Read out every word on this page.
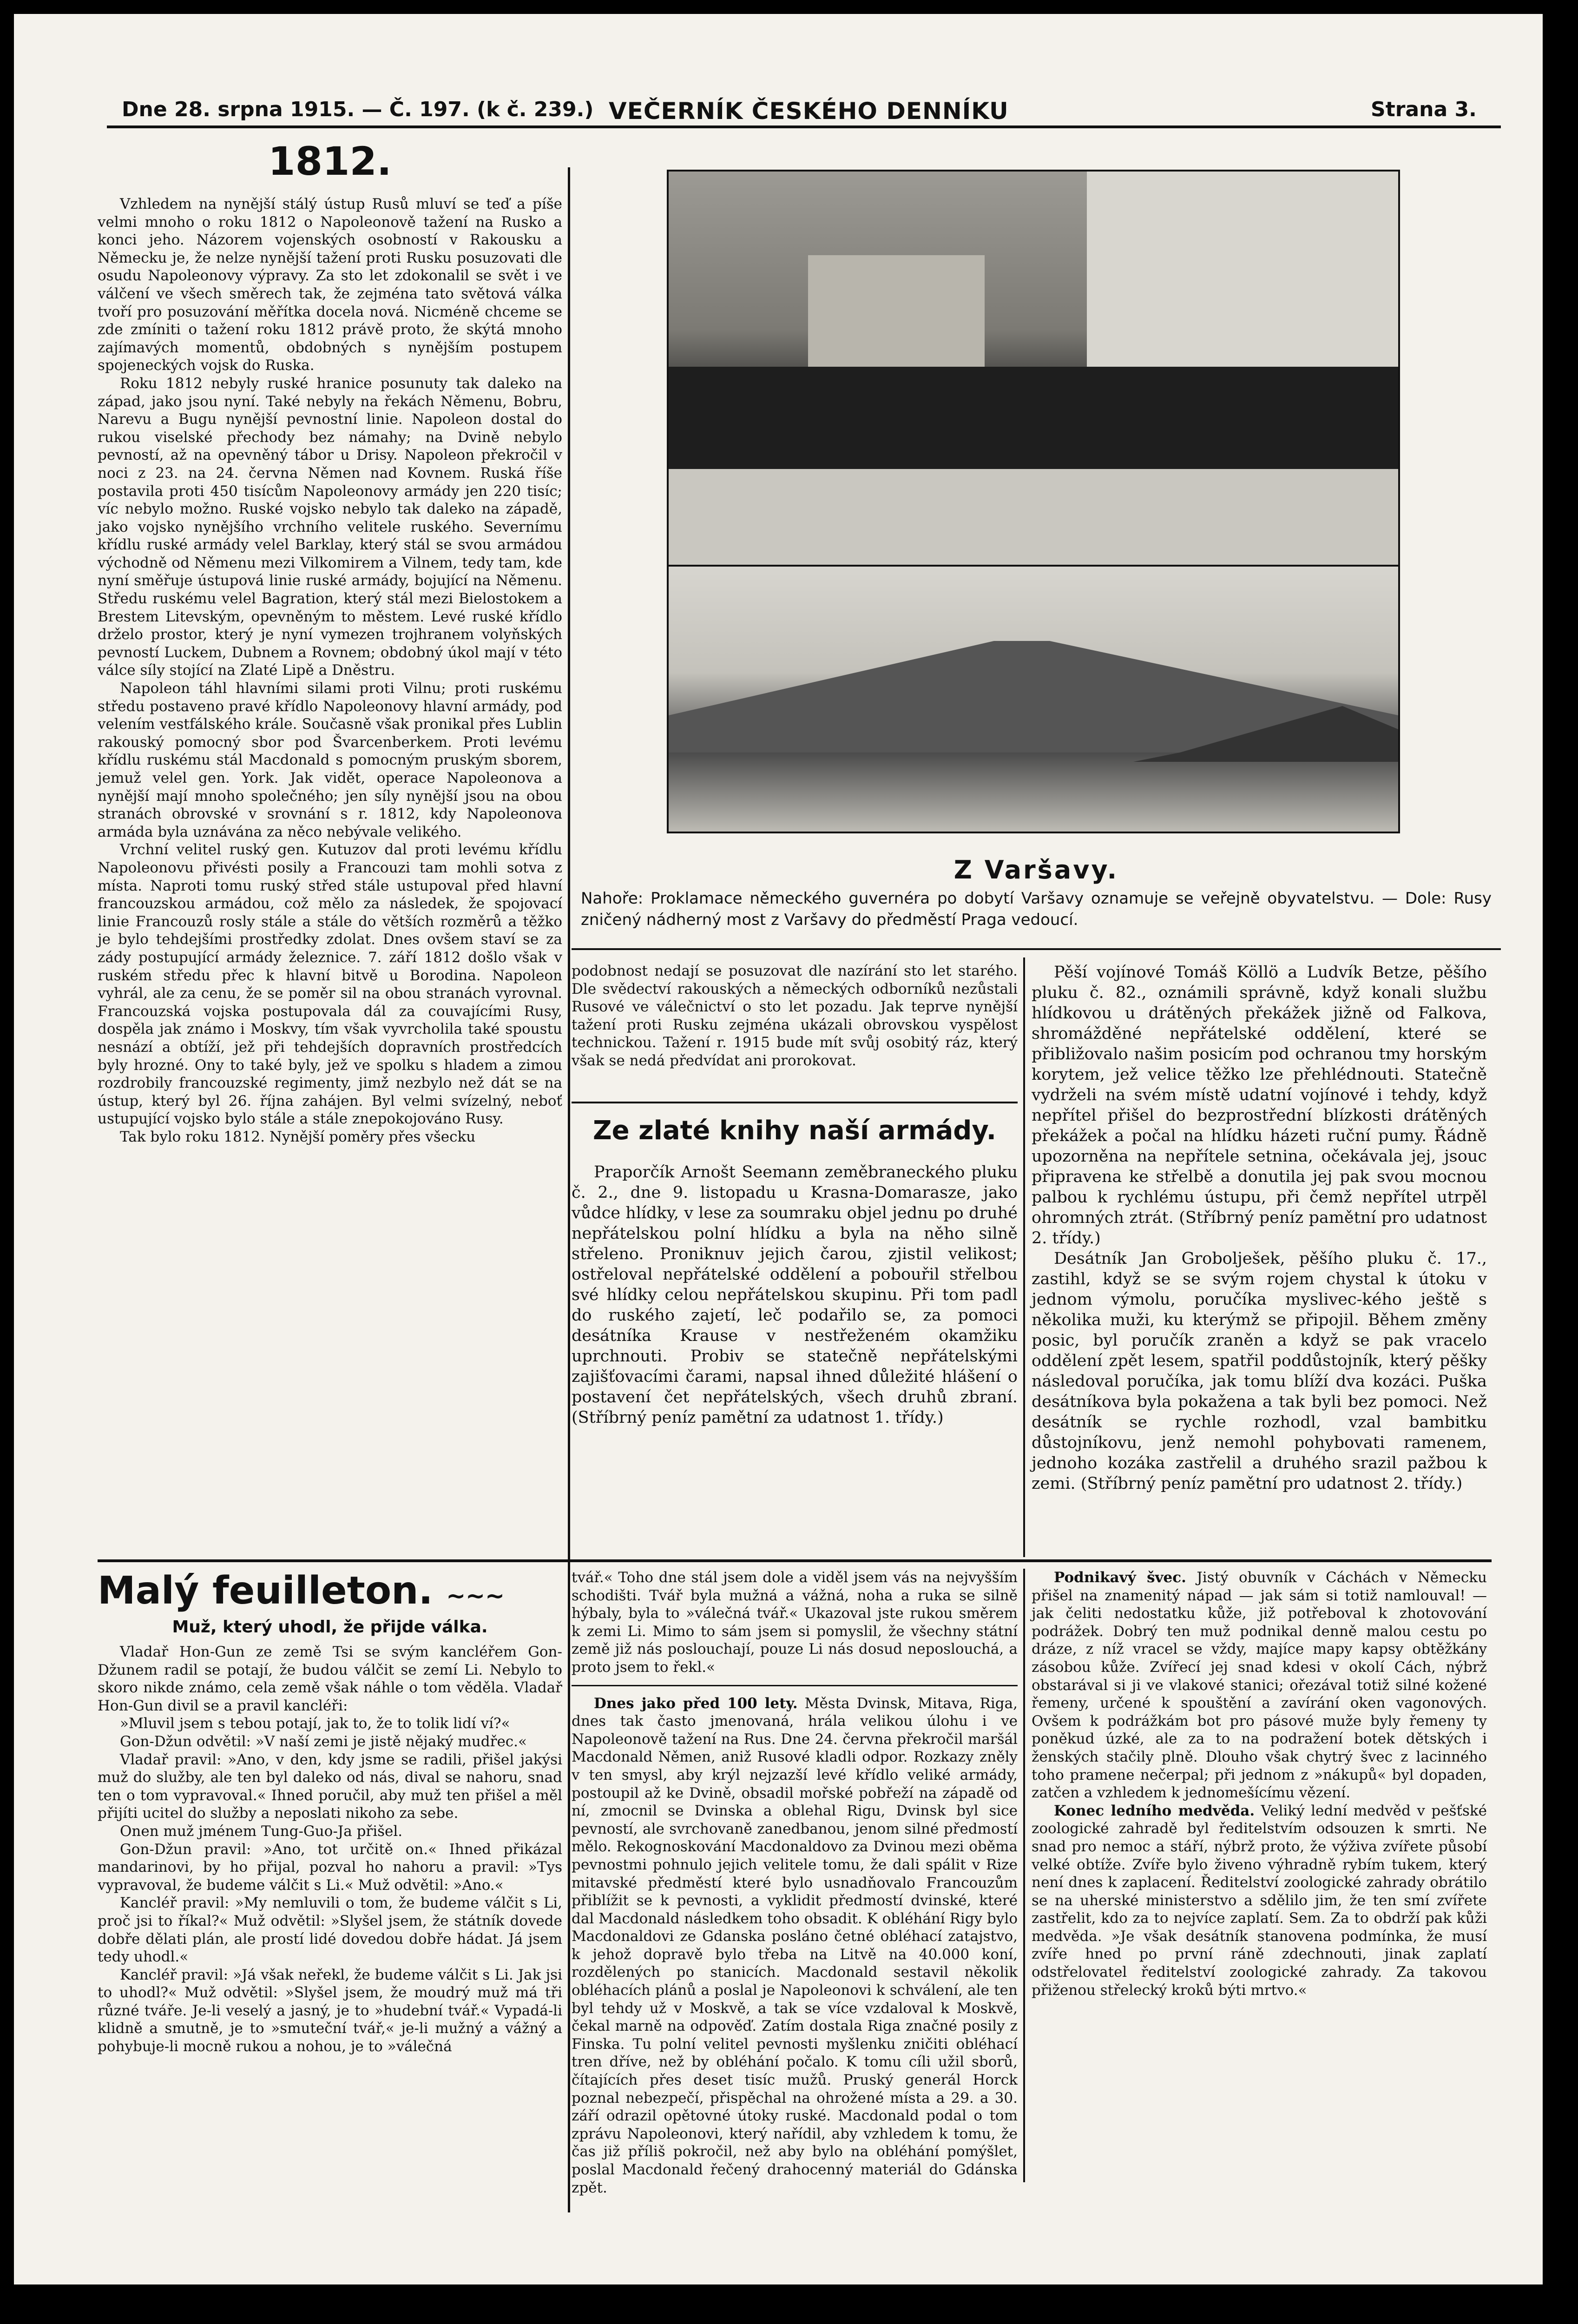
Dne 28. srpna 1915. — Č. 197. (k č. 239.) VEČERNÍK ČESKÉHO DENNÍKU	Strana 3.
1812.

Vzhledem na nynější stálý ústup Rusů mluví se teď a píše velmi mnoho o roku 1812 o Napoleonově tažení na Rusko a konci jeho. Názorem vojenských osobností v Rakousku a Německu je, že nelze nynější tažení proti Rusku posuzovati dle osudu Napoleonovy výpravy. Za sto let zdokonalil se svět i ve válčení ve všech směrech tak, že zejména tato světová válka tvoří pro posuzování měřítka docela nová. Nicméně chceme se zde zmíniti o tažení roku 1812 právě proto, že skýtá mnoho zajímavých momentů, obdobných s nynějším postupem spojeneckých vojsk do Ruska.

Roku 1812 nebyly ruské hranice posunuty tak daleko na západ, jako jsou nyní. Také nebyly na řekách Němenu, Bobru, Narevu a Bugu nynější pevnostní linie. Napoleon dostal do rukou viselské přechody bez námahy; na Dvině nebylo pevností, až na opevněný tábor u Drisy. Napoleon překročil v noci z 23. na 24. června Němen nad Kovnem. Ruská říše postavila proti 450 tisícům Napoleonovy armády jen 220 tisíc; víc nebylo možno. Ruské vojsko nebylo tak daleko na západě, jako vojsko nynějšího vrchního velitele ruského. Severnímu křídlu ruské armády velel Barklay, který stál se svou armádou východně od Němenu mezi Vilkomirem a Vilnem, tedy tam, kde nyní směřuje ústupová linie ruské armády, bojující na Němenu. Středu ruskému velel Bagration, který stál mezi Bielostokem a Brestem Litevským, opevněným to městem. Levé ruské křídlo drželo prostor, který je nyní vymezen trojhranem volyňských pevností Luckem, Dubnem a Rovnem; obdobný úkol mají v této válce síly stojící na Zlaté Lipě a Dněstru.

Napoleon táhl hlavními silami proti Vilnu; proti ruskému středu postaveno pravé křídlo Napoleonovy hlavní armády, pod velením vestfálského krále. Současně však pronikal přes Lublin rakouský pomocný sbor pod Švarcenberkem. Proti levému křídlu ruskému stál Macdonald s pomocným pruským sborem, jemuž velel gen. York. Jak vidět, operace Napoleonova a nynější mají mnoho společného; jen síly nynější jsou na obou stranách obrovské v srovnání s r. 1812, kdy Napoleonova armáda byla uznávána za něco nebývale velikého.

Vrchní velitel ruský gen. Kutuzov dal proti levému křídlu Napoleonovu přivésti posily a Francouzi tam mohli sotva z místa. Naproti tomu ruský střed stále ustupoval před hlavní francouzskou armádou, což mělo za následek, že spojovací linie Francouzů rosly stále a stále do větších rozměrů a těžko je bylo tehdejšími prostředky zdolat. Dnes ovšem staví se za zády postupující armády železnice. 7. září 1812 došlo však v ruském středu přec k hlavní bitvě u Borodina. Napoleon vyhrál, ale za cenu, že se poměr sil na obou stranách vyrovnal. Francouzská vojska postupovala dál za couvajícími Rusy, dospěla jak známo i Moskvy, tím však vyvrcholila také spoustu nesnází a obtíží, jež při tehdejších dopravních prostředcích byly hrozné. Ony to také byly, jež ve spolku s hladem a zimou rozdrobily francouzské regimenty, jimž nezbylo než dát se na ústup, který byl 26. října zahájen. Byl velmi svízelný, neboť ustupující vojsko bylo stále a stále znepokojováno Rusy.

Tak bylo roku 1812. Nynější poměry přes všecku

Z Varšavy.
Nahoře: Proklamace německého guvernéra po dobytí Varšavy oznamuje se veřejně obyvatelstvu. — Dole: Rusy zničený nádherný most z Varšavy do předměstí Praga vedoucí.

podobnost nedají se posuzovat dle nazírání sto let starého. Dle svědectví rakouských a německých odborníků nezůstali Rusové ve válečnictví o sto let pozadu. Jak teprve nynější tažení proti Rusku zejména ukázali obrovskou vyspělost technickou. Tažení r. 1915 bude mít svůj osobitý ráz, který však se nedá předvídat ani prorokovat.

Ze zlaté knihy naší armády.

Praporčík Arnošt Seemann zeměbraneckého pluku č. 2., dne 9. listopadu u Krasna-Domarasze, jako vůdce hlídky, v lese za soumraku objel jednu po druhé nepřátelskou polní hlídku a byla na něho silně střeleno. Proniknuv jejich čarou, zjistil velikost; ostřeloval nepřátelské oddělení a pobouřil střelbou své hlídky celou nepřátelskou skupinu. Při tom padl do ruského zajetí, leč podařilo se, za pomoci desátníka Krause v nestřeženém okamžiku uprchnouti. Probiv se statečně nepřátelskými zajišťovacími čarami, napsal ihned důležité hlášení o postavení čet nepřátelských, všech druhů zbraní. (Stříbrný peníz pamětní za udatnost 1. třídy.)

Pěší vojínové Tomáš Köllö a Ludvík Betze, pěšího pluku č. 82., oznámili správně, když konali službu hlídkovou u drátěných překážek jižně od Falkova, shromážděné nepřátelské oddělení, které se přibližovalo našim posicím pod ochranou tmy horským korytem, jež velice těžko lze přehlédnouti. Statečně vydrželi na svém místě udatní vojínové i tehdy, když nepřítel přišel do bezprostřední blízkosti drátěných překážek a počal na hlídku házeti ruční pumy. Řádně upozorněna na nepřítele setnina, očekávala jej, jsouc připravena ke střelbě a donutila jej pak svou mocnou palbou k rychlému ústupu, při čemž nepřítel utrpěl ohromných ztrát. (Stříbrný peníz pamětní pro udatnost 2. třídy.)

Desátník Jan Grobolješek, pěšího pluku č. 17., zastihl, když se se svým rojem chystal k útoku v jednom výmolu, poručíka myslivec-kého ještě s několika muži, ku kterýmž se připojil. Během změny posic, byl poručík zraněn a když se pak vracelo oddělení zpět lesem, spatřil poddůstojník, který pěšky následoval poručíka, jak tomu blíží dva kozáci. Puška desátníkova byla pokažena a tak byli bez pomoci. Než desátník se rychle rozhodl, vzal bambitku důstojníkovu, jenž nemohl pohybovati ramenem, jednoho kozáka zastřelil a druhého srazil pažbou k zemi. (Stříbrný peníz pamětní pro udatnost 2. třídy.)

Malý feuilleton. ~~~
Muž, který uhodl, že přijde válka.

Vladař Hon-Gun ze země Tsi se svým kancléřem Gon-Džunem radil se potají, že budou válčit se zemí Li. Nebylo to skoro nikde známo, cela země však náhle o tom věděla. Vladař Hon-Gun divil se a pravil kancléři:

»Mluvil jsem s tebou potají, jak to, že to tolik lidí ví?«

Gon-Džun odvětil: »V naší zemi je jistě nějaký mudřec.«

Vladař pravil: »Ano, v den, kdy jsme se radili, přišel jakýsi muž do služby, ale ten byl daleko od nás, dival se nahoru, snad ten o tom vypravoval.« Ihned poručil, aby muž ten přišel a měl přijíti ucitel do služby a neposlati nikoho za sebe.

Onen muž jménem Tung-Guo-Ja přišel.

Gon-Džun pravil: »Ano, tot určitě on.« Ihned přikázal mandarinovi, by ho přijal, pozval ho nahoru a pravil: »Tys vypravoval, že budeme válčit s Li.« Muž odvětil: »Ano.«

Kancléř pravil: »My nemluvili o tom, že budeme válčit s Li, proč jsi to říkal?« Muž odvětil: »Slyšel jsem, že státník dovede dobře dělati plán, ale prostí lidé dovedou dobře hádat. Já jsem tedy uhodl.«

Kancléř pravil: »Já však neřekl, že budeme válčit s Li. Jak jsi to uhodl?« Muž odvětil: »Slyšel jsem, že moudrý muž má tři různé tváře. Je-li veselý a jasný, je to »hudební tvář.« Vypadá-li klidně a smutně, je to »smuteční tvář,« je-li mužný a vážný a pohybuje-li mocně rukou a nohou, je to »válečná

tvář.« Toho dne stál jsem dole a viděl jsem vás na nejvyšším schodišti. Tvář byla mužná a vážná, noha a ruka se silně hýbaly, byla to »válečná tvář.« Ukazoval jste rukou směrem k zemi Li. Mimo to sám jsem si pomyslil, že všechny státní země již nás poslouchají, pouze Li nás dosud neposlouchá, a proto jsem to řekl.«

Dnes jako před 100 lety. Města Dvinsk, Mitava, Riga, dnes tak často jmenovaná, hrála velikou úlohu i ve Napoleonově tažení na Rus. Dne 24. června překročil maršál Macdonald Němen, aniž Rusové kladli odpor. Rozkazy zněly v ten smysl, aby krýl nejzazší levé křídlo veliké armády, postoupil až ke Dvině, obsadil mořské pobřeží na západě od ní, zmocnil se Dvinska a oblehal Rigu, Dvinsk byl sice pevností, ale svrchovaně zanedbanou, jenom silné předmostí mělo. Rekognoskování Macdonaldovo za Dvinou mezi oběma pevnostmi pohnulo jejich velitele tomu, že dali spálit v Rize mitavské předměstí které bylo usnadňovalo Francouzům přiblížit se k pevnosti, a vyklidit předmostí dvinské, které dal Macdonald následkem toho obsadit. K obléhání Rigy bylo Macdonaldovi ze Gdanska posláno četné obléhací zatajstvo, k jehož dopravě bylo třeba na Litvě na 40.000 koní, rozdělených po stanicích. Macdonald sestavil několik obléhacích plánů a poslal je Napoleonovi k schválení, ale ten byl tehdy už v Moskvě, a tak se více vzdaloval k Moskvě, čekal marně na odpověď. Zatím dostala Riga značné posily z Finska. Tu polní velitel pevnosti myšlenku zničiti obléhací tren dříve, než by obléhání počalo. K tomu cíli užil sborů, čítajících přes deset tisíc mužů. Pruský generál Horck poznal nebezpečí, přispěchal na ohrožené místa a 29. a 30. září odrazil opětovné útoky ruské. Macdonald podal o tom zprávu Napoleonovi, který nařídil, aby vzhledem k tomu, že čas již příliš pokročil, než aby bylo na obléhání pomýšlet, poslal Macdonald řečený drahocenný materiál do Gdánska zpět.

Podnikavý švec. Jistý obuvník v Cáchách v Německu přišel na znamenitý nápad — jak sám si totiž namlouval! — jak čeliti nedostatku kůže, již potřeboval k zhotovování podrážek. Dobrý ten muž podnikal denně malou cestu po dráze, z níž vracel se vždy, majíce mapy kapsy obtěžkány zásobou kůže. Zvířecí jej snad kdesi v okolí Cách, nýbrž obstarával si ji ve vlakové stanici; ořezával totiž silné kožené řemeny, určené k spouštění a zavírání oken vagonových. Ovšem k podrážkám bot pro pásové muže byly řemeny ty poněkud úzké, ale za to na podražení botek dětských i ženských stačily plně. Dlouho však chytrý švec z lacinného toho pramene nečerpal; při jednom z »nákupů« byl dopaden, zatčen a vzhledem k jednomešícímu vězení.

Konec ledního medvěda. Veliký lední medvěd v pešťské zoologické zahradě byl ředitelstvím odsouzen k smrti. Ne snad pro nemoc a stáří, nýbrž proto, že výživa zvířete působí velké obtíže. Zvíře bylo živeno výhradně rybím tukem, který není dnes k zaplacení. Ředitelství zoologické zahrady obrátilo se na uherské ministerstvo a sdělilo jim, že ten smí zvířete zastřelit, kdo za to nejvíce zaplatí. Sem. Za to obdrží pak kůži medvěda. »Je však desátník stanovena podmínka, že musí zvíře hned po první ráně zdechnouti, jinak zaplatí odstřelovatel ředitelství zoologické zahrady. Za takovou přiženou střelecký kroků býti mrtvo.«
